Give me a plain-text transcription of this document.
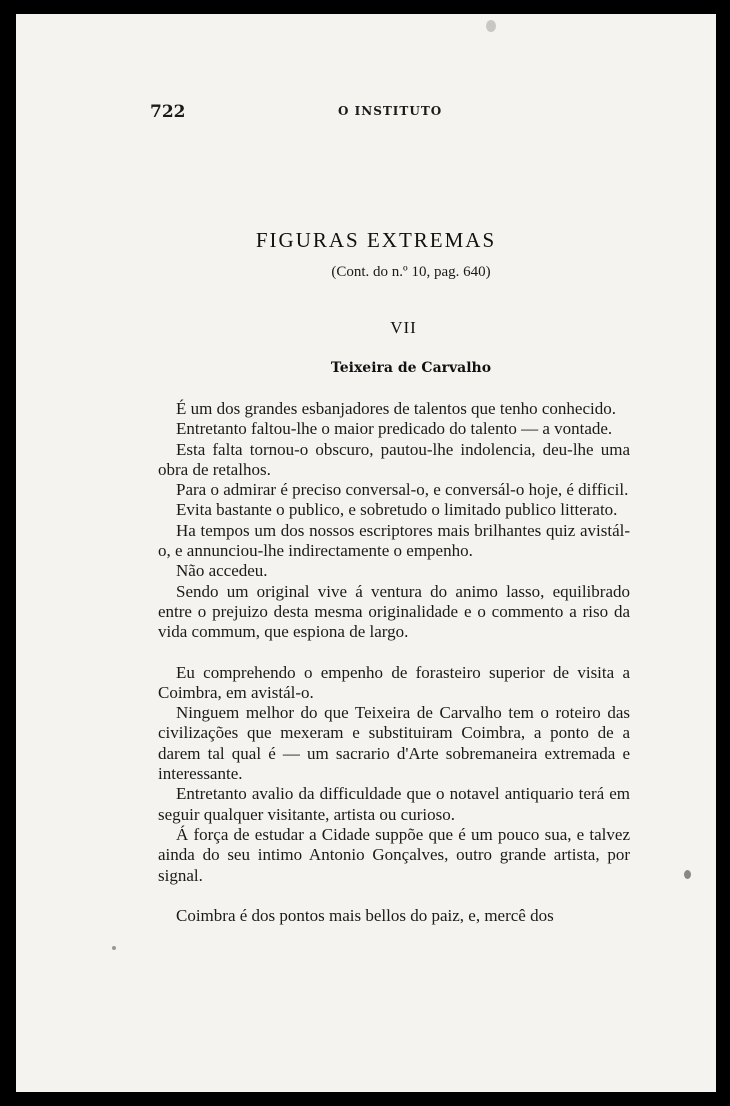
722	O INSTITUTO
FIGURAS EXTREMAS
(Cont. do n.º 10, pag. 640)
VII
Teixeira de Carvalho

É um dos grandes esbanjadores de talentos que tenho conhecido.

Entretanto faltou-lhe o maior predicado do talento — a vontade.

Esta falta tornou-o obscuro, pautou-lhe indolencia, deu-lhe uma obra de retalhos.

Para o admirar é preciso conversal-o, e conversál-o hoje, é difficil.

Evita bastante o publico, e sobretudo o limitado publico litterato.

Ha tempos um dos nossos escriptores mais brilhantes quiz avistál-o, e annunciou-lhe indirectamente o empenho.

Não accedeu.

Sendo um original vive á ventura do animo lasso, equilibrado entre o prejuizo desta mesma originalidade e o commento a riso da vida commum, que espiona de largo.

Eu comprehendo o empenho de forasteiro superior de visita a Coimbra, em avistál-o.

Ninguem melhor do que Teixeira de Carvalho tem o roteiro das civilizações que mexeram e substituiram Coimbra, a ponto de a darem tal qual é — um sacrario d'Arte sobremaneira extremada e interessante.

Entretanto avalio da difficuldade que o notavel antiquario terá em seguir qualquer visitante, artista ou curioso.

Á força de estudar a Cidade suppõe que é um pouco sua, e talvez ainda do seu intimo Antonio Gonçalves, outro grande artista, por signal.

Coimbra é dos pontos mais bellos do paiz, e, mercê dos
